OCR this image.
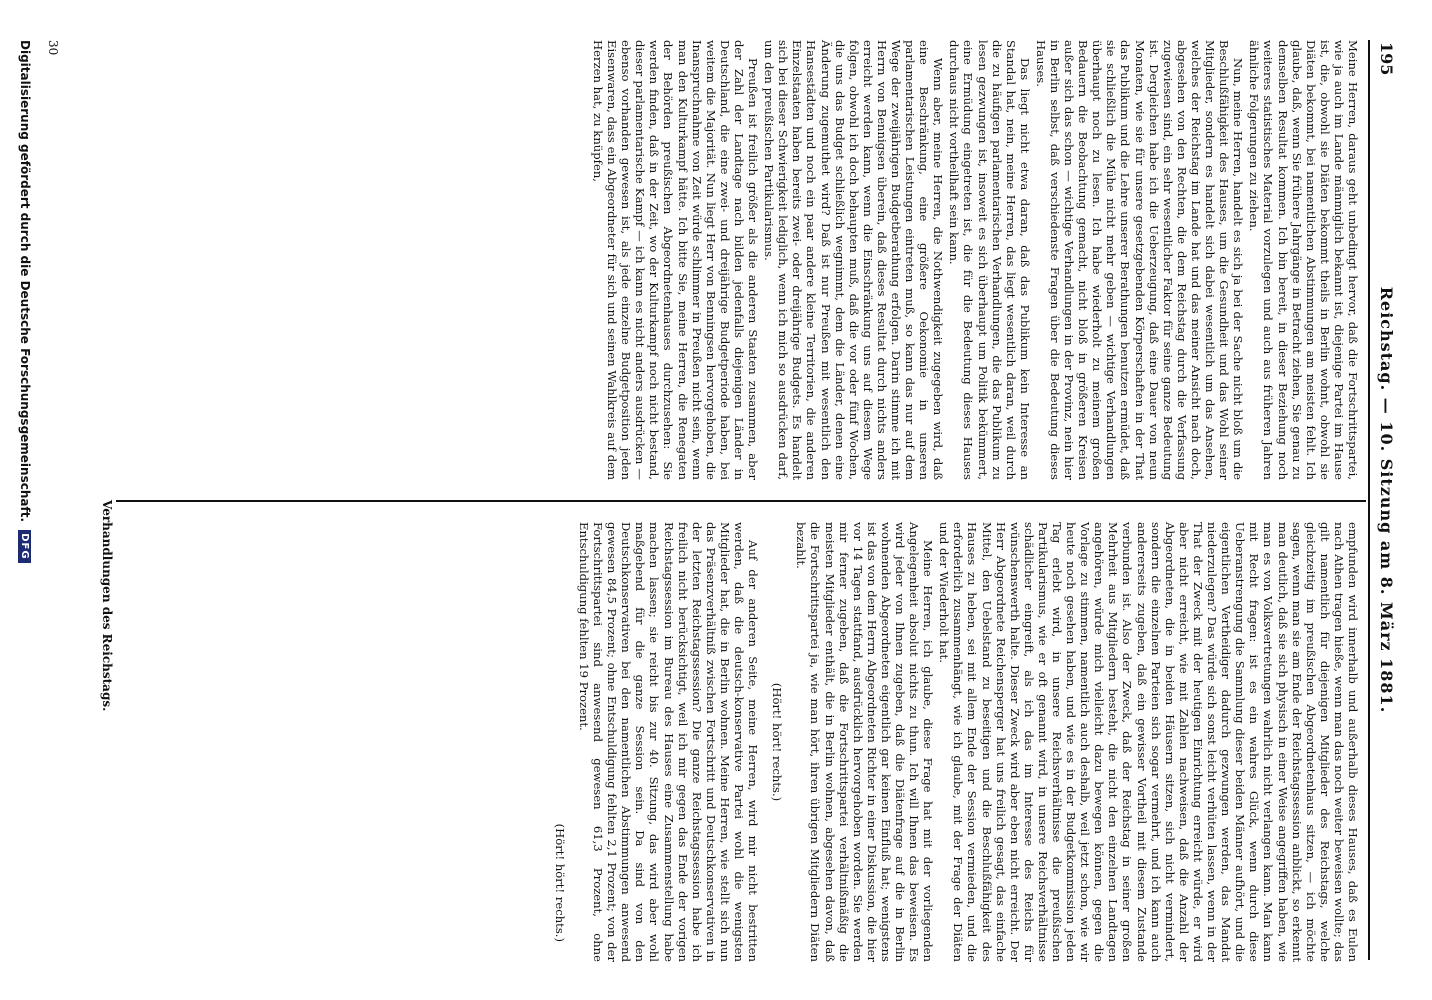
195
Reichstag. — 10. Sitzung am 8. März 1881.

Meine Herren, daraus geht unbedingt hervor, daß die Fortschrittspartei, wie ja auch im Lande mänmiglich bekannt ist, diejenige Partei im Hause ist, die, obwohl sie Diäten bekommt theils in Berlin wohnt, obwohl sie Diäten bekommt, bei namentlichen Abstimmungen am meisten fehlt. Ich glaube, daß, wenn Sie frühere Jahrgänge in Betracht ziehen, Sie genau zu demselben Resultat kommen. Ich bin bereit, in dieser Beziehung noch weiteres statistisches Material vorzulegen und auch aus früheren Jahren ähnliche Folgerungen zu ziehen.

Nun, meine Herren, handelt es sich ja bei der Sache nicht bloß um die Beschlußfähigkeit des Hauses, um die Gesundheit und das Wohl seiner Mitglieder, sondern es handelt sich dabei wesentlich um das Ansehen, welches der Reichstag im Lande hat und das meiner Ansicht nach doch, abgesehen von den Rechten, die dem Reichstag durch die Verfassung zugewiesen sind, ein sehr wesentlicher Faktor für seine ganze Bedeutung ist. Dergleichen habe ich die Ueberzeugung, daß eine Dauer von neun Monaten, wie sie für unsere gesetzgebenden Körperschaften in der That das Publikum und die Lehre unserer Berathungen benutzen ermüdet, daß sie schließlich die Mühe nicht mehr geben — wichtige Verhandlungen überhaupt noch zu lesen. Ich habe wiederholt zu meinem großen Bedauern die Beobachtung gemacht, nicht bloß in größeren Kreisen außer sich das schon — wichtige Verhandlungen in der Provinz, nein hier in Berlin selbst, daß verschiedenste Fragen über die Bedeutung dieses Hauses.

Das liegt nicht etwa daran, daß das Publikum kein Interesse an Standal hat, nein, meine Herren, das liegt wesentlich daran, weil durch die zu häufigen parlamentarischen Verhandlungen, die das Publikum zu lesen gezwungen ist, insoweit es sich überhaupt um Politik bekümmert, eine Ermüdung eingetreten ist, die für die Bedeutung dieses Hauses durchaus nicht vortheilhaft sein kann.

Wenn aber, meine Herren, die Nothwendigkeit zugegeben wird, daß eine Beschränkung, eine größere Oekonomie in unseren parlamentarischen Leistungen eintreten muß, so kann das nur auf dem Wege der zweijährigen Budgetberathung erfolgen. Darin stimme ich mit Herrn von Bennigsen überein, daß dieses Resultat durch nichts anders erreicht werden kann, wenn die Einschränkung uns auf diesem Wege folgen, obwohl ich doch behaupten muß, daß die vor oder fünf Wochen, die uns das Budget schließlich wegnimmt, dem die Länder, denen eine Änderung zugemuthet wird? Daß ist nur Preußen mit wesentlich den Hansestädten und noch ein paar andere kleine Territorien, die anderen Einzelstaaten haben bereits zwei- oder dreijährige Budgets. Es handelt sich bei dieser Schwierigkeit lediglich, wenn ich mich so ausdrücken darf, um den preußischen Partikularismus.

Preußen ist freilich größer als die anderen Staaten zusammen, aber der Zahl der Landtage nach bilden jedenfalls diejenigen Länder in Deutschland, die eine zwei- und dreijährige Budgetperiode haben, bei weitem die Majorität. Nun liegt Herr von Benningsen hervorgehoben, die Inanspruchnahme von Zeit würde schlimmer in Preußen nicht sein, wenn man den Kulturkampf hätte. Ich bitte Sie, meine Herren, die Renegaten der Behörden preußischen Abgeordnetenhauses durchzusehen: Sie werden finden, daß in der Zeit, wo der Kulturkampf noch nicht bestand, dieser parlamentarische Kampf — ich kann es nicht anders ausdrücken — ebenso vorhanden gewesen ist, als jede einzelne Budgetposition jeden Eisenwaren, dass ein Abgeordneter für sich und seinen Wahlkreis auf dem Herzen hat, zu knüpfen,

empfunden wird innerhalb und außerhalb dieses Hauses, daß es Eulen nach Athen tragen hieße, wenn man das noch weiter beweisen wollte; das gilt namentlich für diejenigen Mitglieder des Reichstags, welche gleichzeitig im preußischen Abgeordnetenhaus sitzen, — ich möchte sagen, wenn man sie am Ende der Reichstagssession anblickt, so erkennt man deutlich, daß sie sich physisch in einer Weise angegriffen haben, wie man es von Volksvertretungen wahrlich nicht verlangen kann. Man kann mit Recht fragen: ist es ein wahres Glück, wenn durch diese Ueberanstrengung die Sammlung dieser beiden Männer aufhört, und die eigentlichen Vertheidiger dadurch gezwungen werden, das Mandat niederzulegen? Das würde sich sonst leicht verhüten lassen, wenn in der That der Zweck mit der heutigen Einrichtung erreicht würde, er wird aber nicht erreicht, wie mit Zahlen nachweisen, daß die Anzahl der Abgeordneten, die in beiden Häusern sitzen, sich nicht vermindert, sondern die einzelnen Parteien sich sogar vermehrt, und ich kann auch andererseits zugeben, daß ein gewisser Vortheil mit diesem Zustande verbunden ist. Also der Zweck, daß der Reichstag in seiner großen Mehrheit aus Mitgliedern besteht, die nicht den einzelnen Landtagen angehören, würde mich vielleicht dazu bewegen können, gegen die Vorlage zu stimmen, namentlich auch deshalb, weil jetzt schon, wie wir heute noch gesehen haben, und wie es in der Budgetkommission jeden Tag erlebt wird, in unsere Reichsverhältnisse die preußischen Partikularismus, wie er oft genannt wird, in unsere Reichsverhältnisse schädlicher eingreift, als ich das im Interesse des Reichs für wünschenswerth halte. Dieser Zweck wird aber eben nicht erreicht. Der Herr Abgeordnete Reichensperger hat uns freilich gesagt, das einfache Mittel, den Uebelstand zu beseitigen und die Beschlußfähigkeit des Hauses zu heben, sei mit allem Ende der Session vermieden, und die erforderlich zusammenhängt, wie ich glaube, mit der Frage der Diäten und der Wiederholt hat.

Meine Herren, ich glaube, diese Frage hat mit der vorliegenden Angelegenheit absolut nichts zu thun. Ich will Ihnen das beweisen. Es wird jeder von Ihnen zugeben, daß die Diätenfrage auf die in Berlin wohnenden Abgeordneten eigentlich gar keinen Einfluß hat; wenigstens ist das von dem Herrn Abgeordneten Richter in einer Diskussion, die hier vor 14 Tagen stattfand, ausdrücklich hervorgehoben worden. Sie werden mir ferner zugeben, daß die Fortschrittspartei verhältnißmäßig die meisten Mitglieder enthält, die in Berlin wohnen, abgesehen davon, daß die Fortschrittspartei ja, wie man hört, ihren übrigen Mitgliedern Diäten bezahlt.

(Hört! hört! rechts.)

Auf der anderen Seite, meine Herren, wird mir nicht bestritten werden, daß die deutsch-konservative Partei wohl die wenigsten Mitglieder hat, die in Berlin wohnen. Meine Herren, wie stellt sich nun das Präsenzverhältniß zwischen Fortschritt und Deutschkonservativen in der letzten Reichstagssession? Die ganze Reichstagssession habe ich freilich nicht berücksichtigt, weil ich mir gegen das Ende der vorigen Reichstagssession im Bureau des Hauses eine Zusammenstellung habe machen lassen; sie reicht bis zur 40. Sitzung, das wird aber wohl maßgebend für die ganze Session sein. Da sind von den Deutschkonservativen bei den namentlichen Abstimmungen anwesend gewesen 84,5 Prozent; ohne Entschuldigung fehlten 2,1 Prozent; von der Fortschrittspartei sind anwesend gewesen 61,3 Prozent, ohne Entschuldigung fehlten 19 Prozent.

(Hört! hört! rechts.)
Verhandlungen des Reichstags.
30
Digitalisierung gefördert durch die Deutsche Forschungsgemeinschaft. DFG
